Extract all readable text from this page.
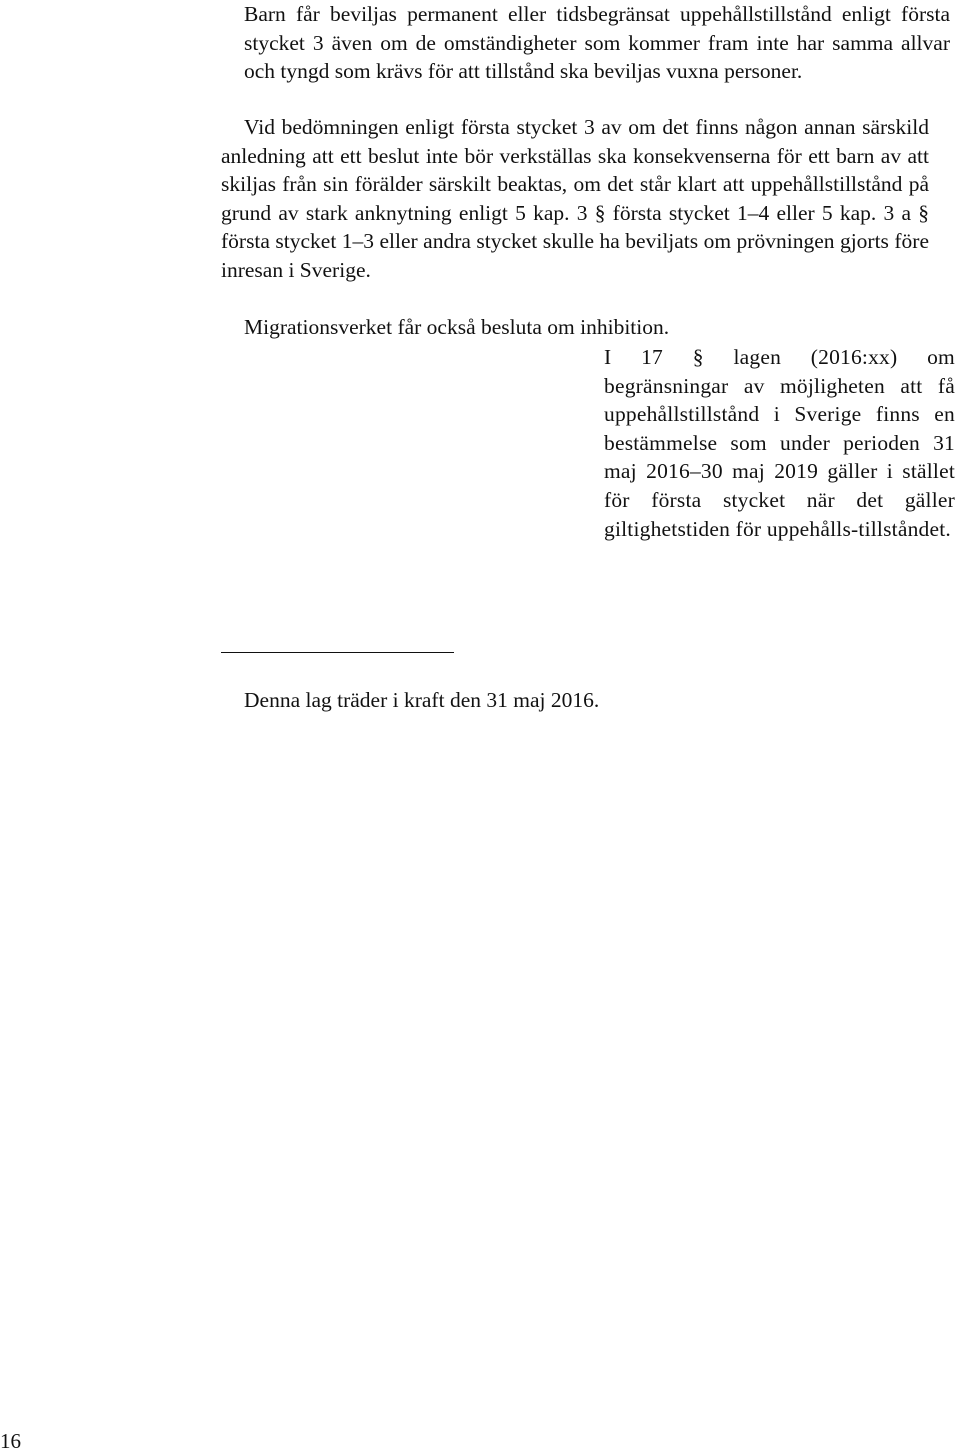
Barn får beviljas permanent eller tidsbegränsat uppehållstillstånd enligt första stycket 3 även om de omständigheter som kommer fram inte har samma allvar och tyngd som krävs för att tillstånd ska beviljas vuxna personer.

Vid bedömningen enligt första stycket 3 av om det finns någon annan särskild anledning att ett beslut inte bör verkställas ska konsekvenserna för ett barn av att skiljas från sin förälder särskilt beaktas, om det står klart att uppehållstillstånd på grund av stark anknytning enligt 5 kap. 3 § första stycket 1–4 eller 5 kap. 3 a § första stycket 1–3 eller andra stycket skulle ha beviljats om prövningen gjorts före inresan i Sverige.

Migrationsverket får också besluta om inhibition.

I 17 § lagen (2016:xx) om begränsningar av möjligheten att få uppehållstillstånd i Sverige finns en bestämmelse som under perioden 31 maj 2016–30 maj 2019 gäller i stället för första stycket när det gäller giltighetstiden för uppehålls-tillståndet.

Denna lag träder i kraft den 31 maj 2016.

16
